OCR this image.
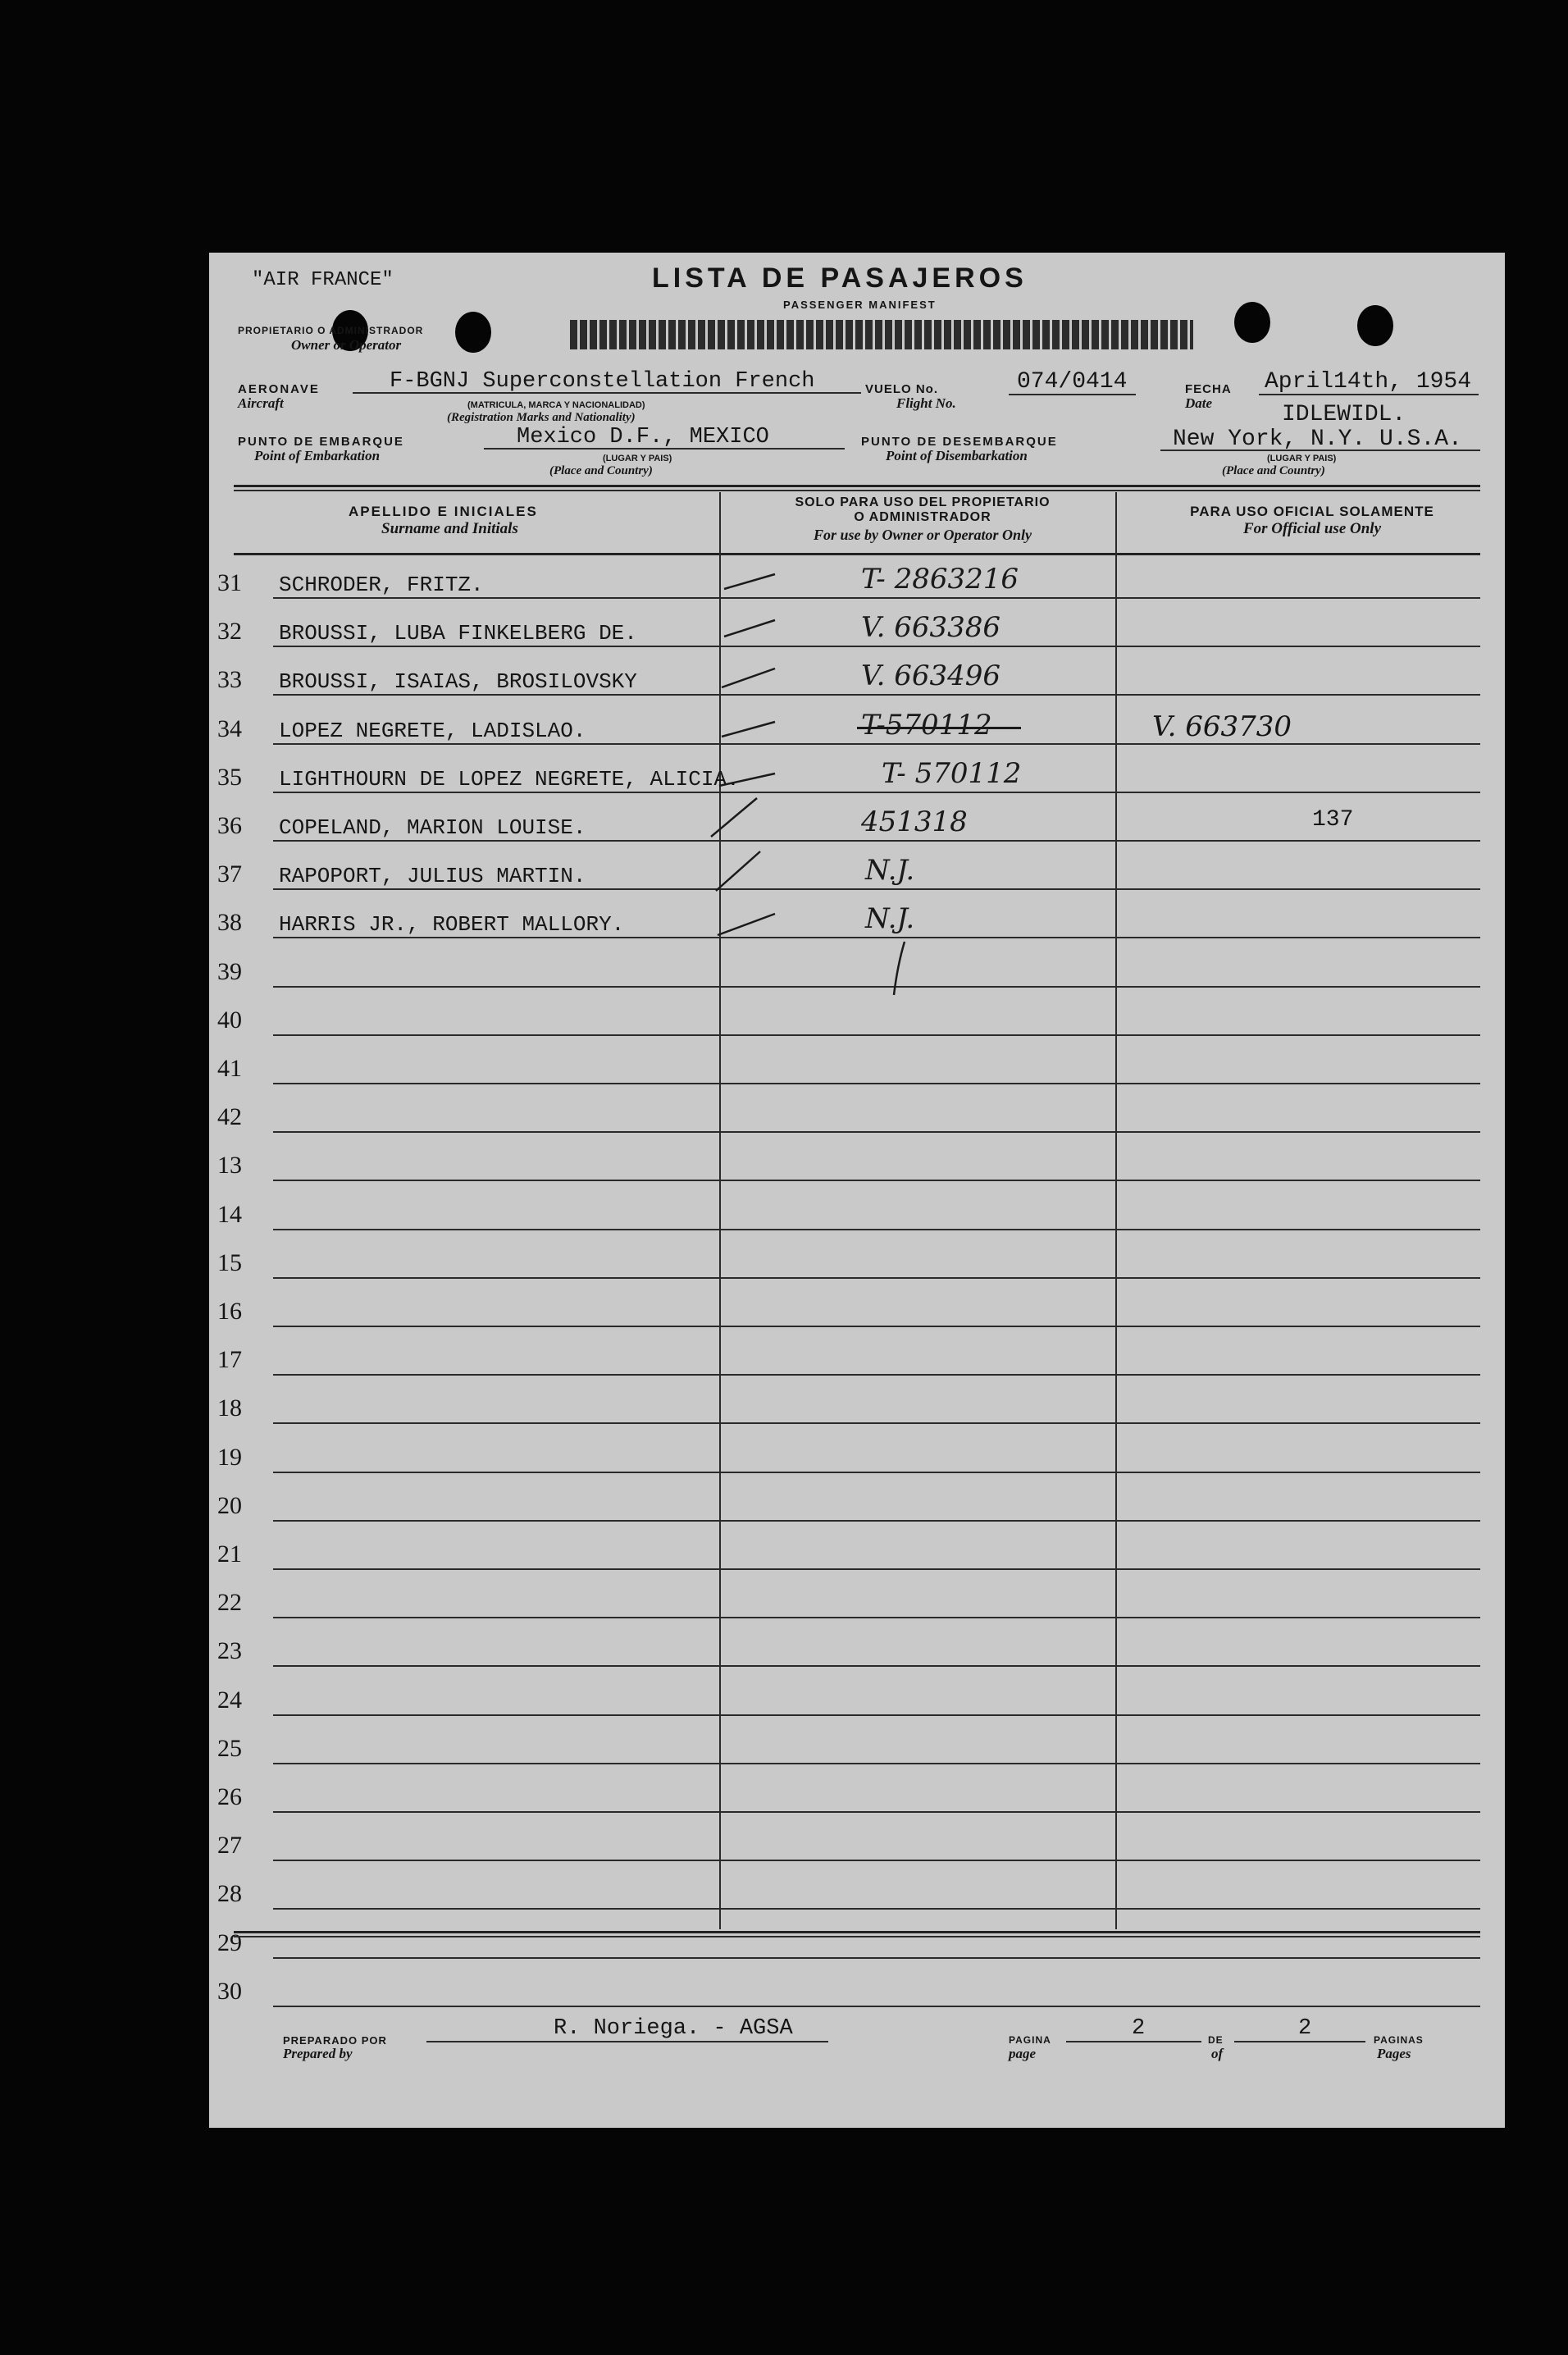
"AIR FRANCE"	LISTA DE PASAJEROS
PASSENGER MANIFEST
PROPIETARIO O ADMINISTRADOR
Owner or Operator
AERONAVE
Aircraft
F-BGNJ Superconstellation French
(MATRICULA, MARCA Y NACIONALIDAD)
(Registration Marks and Nationality)
VUELO No.
Flight No.
074/0414	FECHA
Date
April14th, 1954
IDLEWIDL.
PUNTO DE EMBARQUE
Point of Embarkation
Mexico D.F., MEXICO
(LUGAR Y PAIS)
(Place and Country)
PUNTO DE DESEMBARQUE
Point of Disembarkation
New York, N.Y. U.S.A.
(LUGAR Y PAIS)
(Place and Country)
APELLIDO E INICIALES
Surname and Initials
SOLO PARA USO DEL PROPIETARIO
O ADMINISTRADOR
For use by Owner or Operator Only
PARA USO OFICIAL SOLAMENTE
For Official use Only
31	SCHRODER, FRITZ.	T- 2863216
32	BROUSSI, LUBA FINKELBERG DE.	V. 663386
33	BROUSSI, ISAIAS, BROSILOVSKY	V. 663496
34	LOPEZ NEGRETE, LADISLAO.	T-570112	V. 663730
35	LIGHTHOURN DE LOPEZ NEGRETE, ALICIA.	T- 570112
36	COPELAND, MARION LOUISE.	451318	137
37	RAPOPORT, JULIUS MARTIN.	N.J.
38	HARRIS JR., ROBERT MALLORY.	N.J.
39
40
41
42
13
14
15
16
17
18
19
20
21
22
23
24
25
26
27
28
29
30
PREPARADO POR
Prepared by
R. Noriega. - AGSA	PAGINA
page
2	DE
of
2	PAGINAS
Pages
